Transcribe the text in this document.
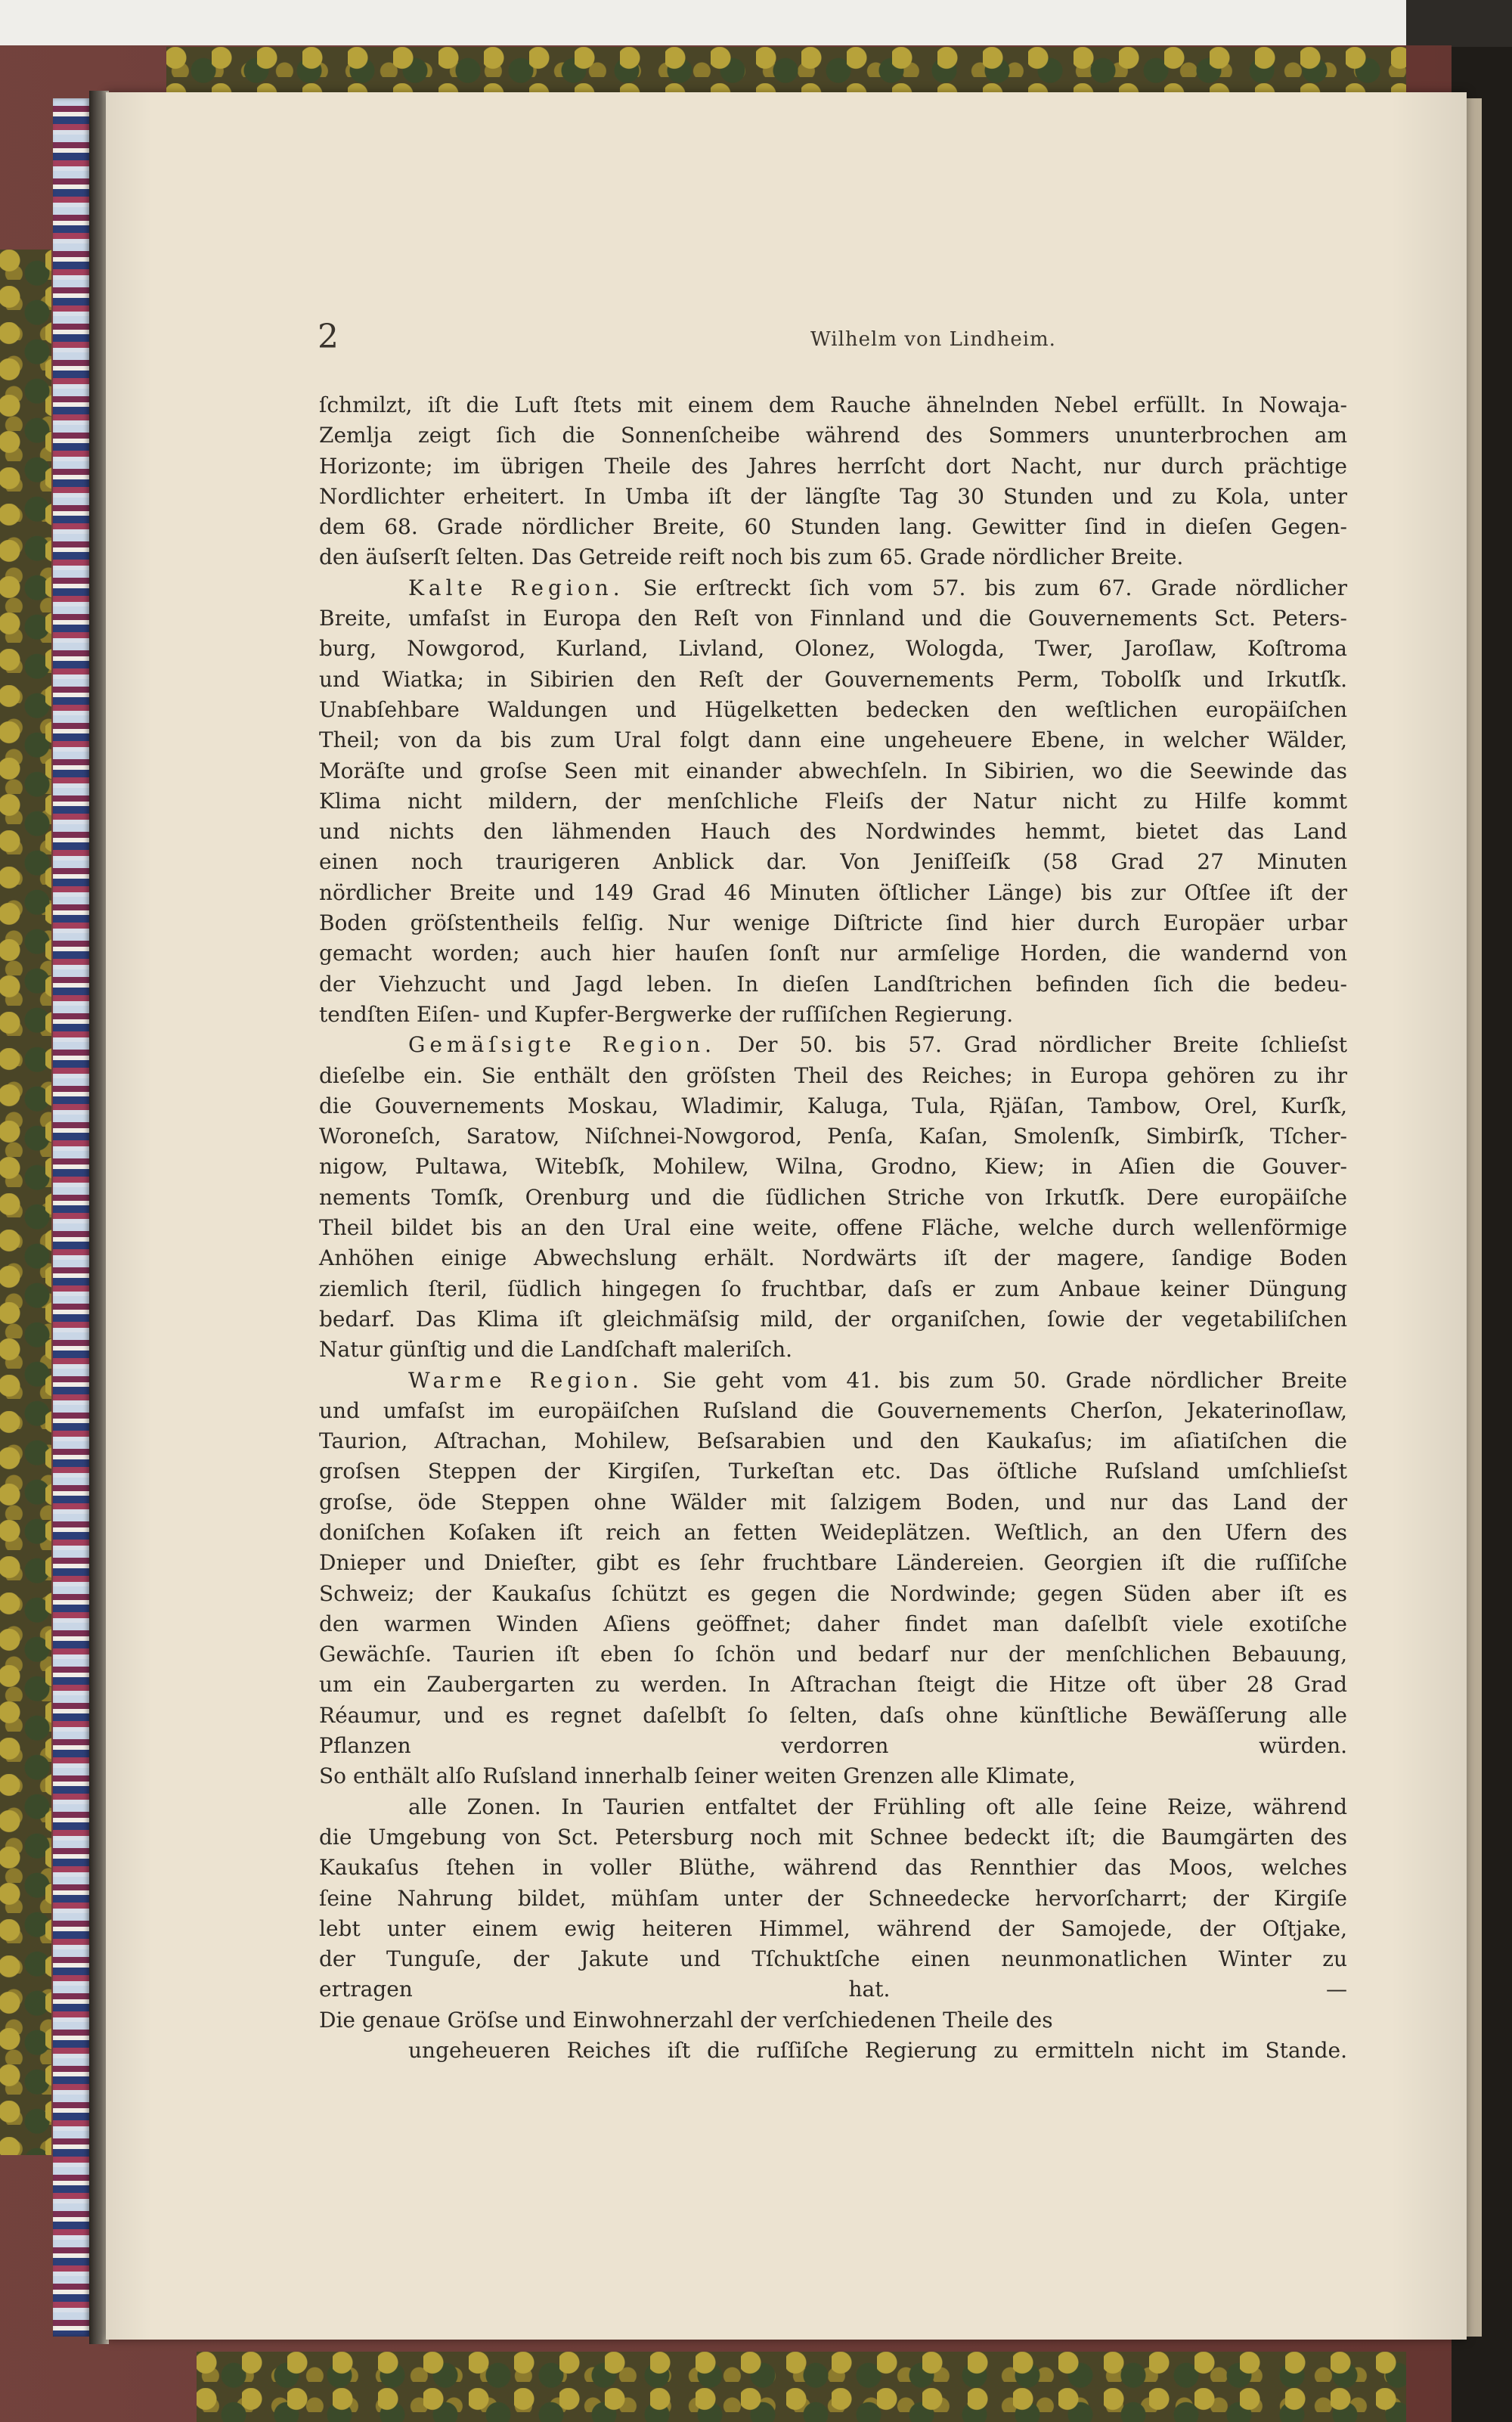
2	Wilhelm von Lindheim.
ſchmilzt, iſt die Luft ſtets mit einem dem Rauche ähnelnden Nebel erfüllt. In Nowaja-
Zemlja zeigt ſich die Sonnenſcheibe während des Sommers ununterbrochen am
Horizonte; im übrigen Theile des Jahres herrſcht dort Nacht, nur durch prächtige
Nordlichter erheitert. In Umba iſt der längſte Tag 30 Stunden und zu Kola, unter
dem 68. Grade nördlicher Breite, 60 Stunden lang. Gewitter ſind in dieſen Gegen-
den äuſserſt ſelten. Das Getreide reift noch bis zum 65. Grade nördlicher Breite.
Kalte Region. Sie erſtreckt ſich vom 57. bis zum 67. Grade nördlicher
Breite, umfaſst in Europa den Reſt von Finnland und die Gouvernements Sct. Peters-
burg, Nowgorod, Kurland, Livland, Olonez, Wologda, Twer, Jaroſlaw, Koſtroma
und Wiatka; in Sibirien den Reſt der Gouvernements Perm, Tobolſk und Irkutſk.
Unabſehbare Waldungen und Hügelketten bedecken den weſtlichen europäiſchen
Theil; von da bis zum Ural folgt dann eine ungeheuere Ebene, in welcher Wälder,
Moräſte und groſse Seen mit einander abwechſeln. In Sibirien, wo die Seewinde das
Klima nicht mildern, der menſchliche Fleiſs der Natur nicht zu Hilfe kommt
und nichts den lähmenden Hauch des Nordwindes hemmt, bietet das Land
einen noch traurigeren Anblick dar. Von Jeniſſeiſk (58 Grad 27 Minuten
nördlicher Breite und 149 Grad 46 Minuten öſtlicher Länge) bis zur Oſtſee iſt der
Boden gröſstentheils felſig. Nur wenige Diſtricte ſind hier durch Europäer urbar
gemacht worden; auch hier hauſen ſonſt nur armſelige Horden, die wandernd von
der Viehzucht und Jagd leben. In dieſen Landſtrichen befinden ſich die bedeu-
tendſten Eiſen- und Kupfer-Bergwerke der ruſſiſchen Regierung.
Gemäſsigte Region. Der 50. bis 57. Grad nördlicher Breite ſchlieſst
dieſelbe ein. Sie enthält den gröſsten Theil des Reiches; in Europa gehören zu ihr
die Gouvernements Moskau, Wladimir, Kaluga, Tula, Rjäſan, Tambow, Orel, Kurſk,
Woroneſch, Saratow, Niſchnei-Nowgorod, Penſa, Kaſan, Smolenſk, Simbirſk, Tſcher-
nigow, Pultawa, Witebſk, Mohilew, Wilna, Grodno, Kiew; in Aſien die Gouver-
nements Tomſk, Orenburg und die ſüdlichen Striche von Irkutſk. Dere europäiſche
Theil bildet bis an den Ural eine weite, offene Fläche, welche durch wellenförmige
Anhöhen einige Abwechslung erhält. Nordwärts iſt der magere, ſandige Boden
ziemlich ſteril, ſüdlich hingegen ſo fruchtbar, daſs er zum Anbaue keiner Düngung
bedarf. Das Klima iſt gleichmäſsig mild, der organiſchen, ſowie der vegetabiliſchen
Natur günſtig und die Landſchaft maleriſch.
Warme Region. Sie geht vom 41. bis zum 50. Grade nördlicher Breite
und umfaſst im europäiſchen Ruſsland die Gouvernements Cherſon, Jekaterinoſlaw,
Taurion, Aſtrachan, Mohilew, Beſsarabien und den Kaukaſus; im aſiatiſchen die
groſsen Steppen der Kirgiſen, Turkeſtan etc. Das öſtliche Ruſsland umſchlieſst
groſse, öde Steppen ohne Wälder mit ſalzigem Boden, und nur das Land der
doniſchen Koſaken iſt reich an fetten Weideplätzen. Weſtlich, an den Ufern des
Dnieper und Dnieſter, gibt es ſehr fruchtbare Ländereien. Georgien iſt die ruſſiſche
Schweiz; der Kaukaſus ſchützt es gegen die Nordwinde; gegen Süden aber iſt es
den warmen Winden Aſiens geöffnet; daher findet man daſelbſt viele exotiſche
Gewächſe. Taurien iſt eben ſo ſchön und bedarf nur der menſchlichen Bebauung,
um ein Zaubergarten zu werden. In Aſtrachan ſteigt die Hitze oft über 28 Grad
Réaumur, und es regnet daſelbſt ſo ſelten, daſs ohne künſtliche Bewäſſerung alle
Pflanzen verdorren würden.
So enthält alſo Ruſsland innerhalb ſeiner weiten Grenzen alle Klimate,
alle Zonen. In Taurien entfaltet der Frühling oft alle ſeine Reize, während
die Umgebung von Sct. Petersburg noch mit Schnee bedeckt iſt; die Baumgärten des
Kaukaſus ſtehen in voller Blüthe, während das Rennthier das Moos, welches
ſeine Nahrung bildet, mühſam unter der Schneedecke hervorſcharrt; der Kirgiſe
lebt unter einem ewig heiteren Himmel, während der Samojede, der Oſtjake,
der Tunguſe, der Jakute und Tſchuktſche einen neunmonatlichen Winter zu
ertragen hat. —
Die genaue Gröſse und Einwohnerzahl der verſchiedenen Theile des
ungeheueren Reiches iſt die ruſſiſche Regierung zu ermitteln nicht im Stande.
